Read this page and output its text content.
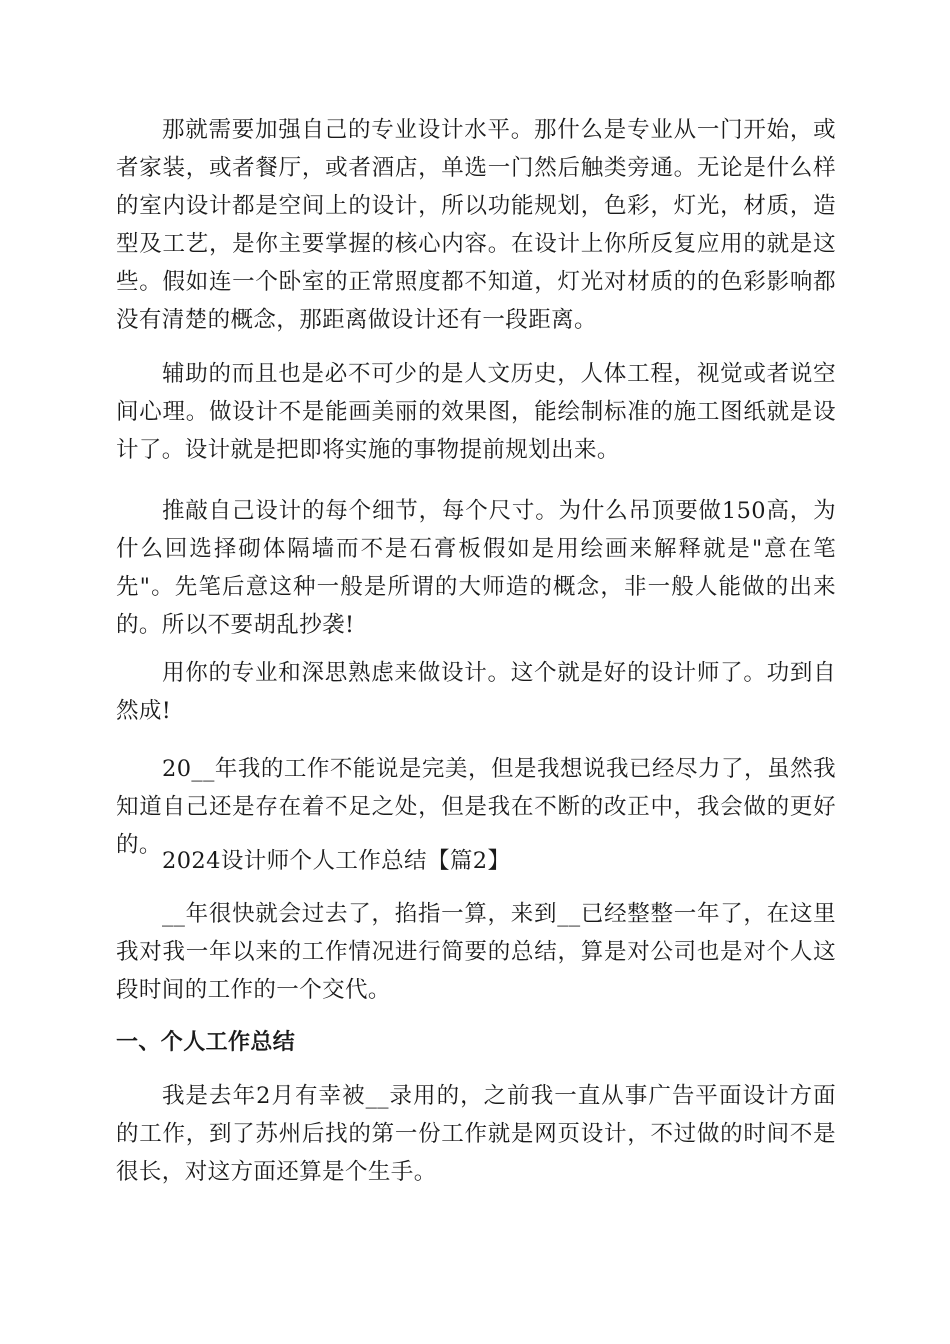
那就需要加强自己的专业设计水平。那什么是专业从一门开始，或者家装，或者餐厅，或者酒店，单选一门然后触类旁通。无论是什么样的室内设计都是空间上的设计，所以功能规划，色彩，灯光，材质，造型及工艺，是你主要掌握的核心内容。在设计上你所反复应用的就是这些。假如连一个卧室的正常照度都不知道，灯光对材质的的色彩影响都没有清楚的概念，那距离做设计还有一段距离。

辅助的而且也是必不可少的是人文历史，人体工程，视觉或者说空间心理。做设计不是能画美丽的效果图，能绘制标准的施工图纸就是设计了。设计就是把即将实施的事物提前规划出来。

推敲自己设计的每个细节，每个尺寸。为什么吊顶要做150高，为什么回选择砌体隔墙而不是石膏板假如是用绘画来解释就是"意在笔先"。先笔后意这种一般是所谓的大师造的概念，非一般人能做的出来的。所以不要胡乱抄袭!

用你的专业和深思熟虑来做设计。这个就是好的设计师了。功到自然成!

20__年我的工作不能说是完美，但是我想说我已经尽力了，虽然我知道自己还是存在着不足之处，但是我在不断的改正中，我会做的更好的。

2024设计师个人工作总结【篇2】

__年很快就会过去了，掐指一算，来到__已经整整一年了，在这里我对我一年以来的工作情况进行简要的总结，算是对公司也是对个人这段时间的工作的一个交代。

一、个人工作总结

我是去年2月有幸被__录用的，之前我一直从事广告平面设计方面的工作，到了苏州后找的第一份工作就是网页设计，不过做的时间不是很长，对这方面还算是个生手。
